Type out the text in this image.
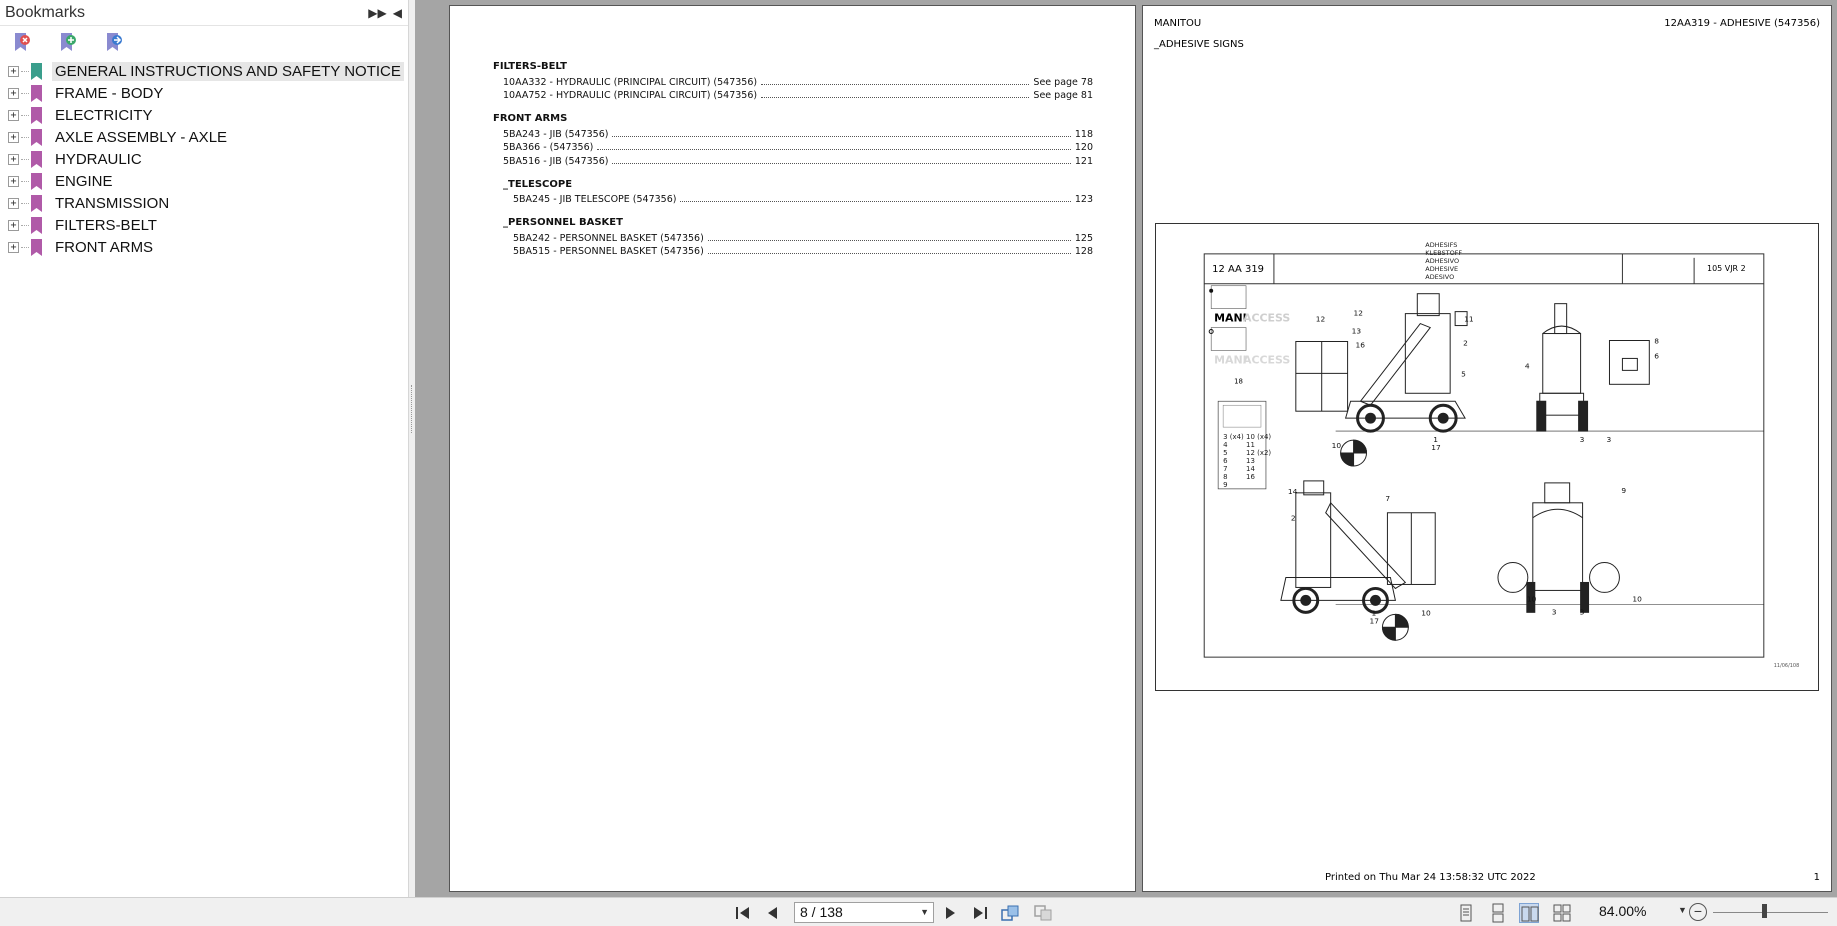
Bookmarks	▶▶ ◀
+	GENERAL INSTRUCTIONS AND SAFETY NOTICE
+	FRAME - BODY
+	ELECTRICITY
+	AXLE ASSEMBLY - AXLE
+	HYDRAULIC
+	ENGINE
+	TRANSMISSION
+	FILTERS-BELT
+	FRONT ARMS
FILTERS-BELT
10AA332 - HYDRAULIC (PRINCIPAL CIRCUIT) (547356)	See page 78
10AA752 - HYDRAULIC (PRINCIPAL CIRCUIT) (547356)	See page 81
FRONT ARMS
5BA243 - JIB (547356)	118
5BA366 - (547356)	120
5BA516 - JIB (547356)	121
_TELESCOPE
5BA245 - JIB TELESCOPE (547356)	123
_PERSONNEL BASKET
5BA242 - PERSONNEL BASKET (547356)	125
5BA515 - PERSONNEL BASKET (547356)	128
MANITOU	12AA319 - ADHESIVE (547356)
_ADHESIVE SIGNS
12 AA 319	105 VJR 2
ADHESIFS
KLEBSTOFF
ADHESIVO
ADHESIVE
ADESIVO
MANI
ACCESS
MANI
ACCESS
18
3 (x4) 10 (x4)
4	11
5	12 (x2)
6	13
7	14
8	16
9
12
12
13
16
11
2
5
10
1
17
4
3	3
8
6
14
7
2
1
17
10
9
10	10
3	3
11/06/108
Printed on Thu Mar 24 13:58:32 UTC 2022	1
8 / 138	▼	84.00%	▼ −
